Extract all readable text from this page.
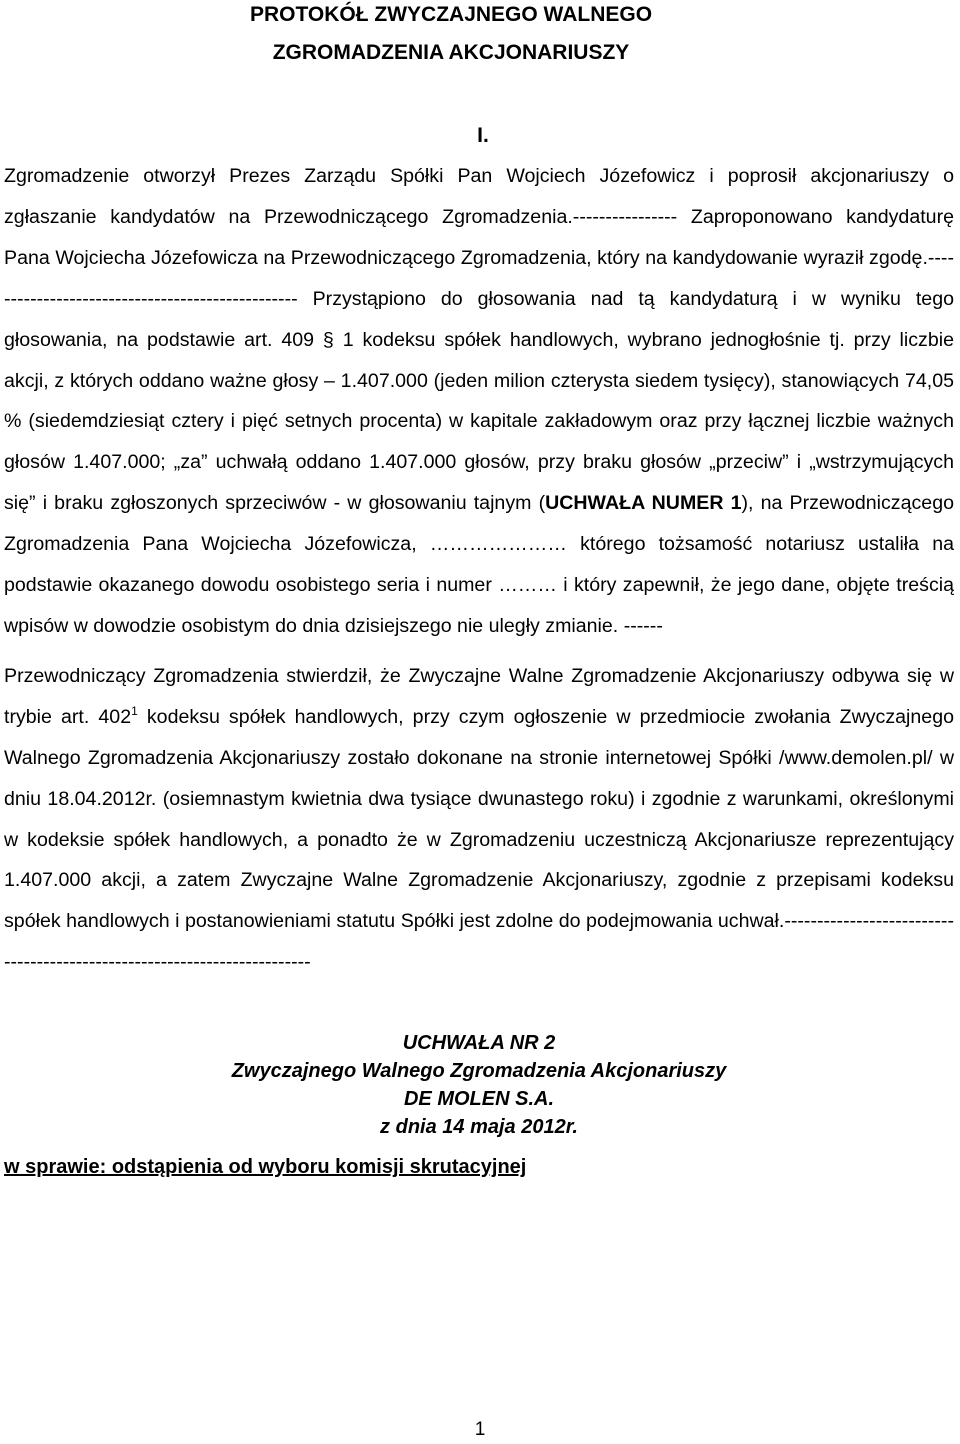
PROTOKÓŁ ZWYCZAJNEGO WALNEGO

ZGROMADZENIA AKCJONARIUSZY

I.

Zgromadzenie otworzył Prezes Zarządu Spółki Pan Wojciech Józefowicz i poprosił akcjonariuszy o zgłaszanie kandydatów na Przewodniczącego Zgromadzenia.---------------- Zaproponowano kandydaturę Pana Wojciecha Józefowicza na Przewodniczącego Zgromadzenia, który na kandydowanie wyraził zgodę.------------------------------------------------- Przystąpiono do głosowania nad tą kandydaturą i w wyniku tego głosowania, na podstawie art. 409 § 1 kodeksu spółek handlowych, wybrano jednogłośnie tj. przy liczbie akcji, z których oddano ważne głosy – 1.407.000 (jeden milion czterysta siedem tysięcy), stanowiących 74,05 % (siedemdziesiąt cztery i pięć setnych procenta) w kapitale zakładowym oraz przy łącznej liczbie ważnych głosów 1.407.000; „za” uchwałą oddano 1.407.000 głosów, przy braku głosów „przeciw” i „wstrzymujących się” i braku zgłoszonych sprzeciwów - w głosowaniu tajnym (UCHWAŁA NUMER 1), na Przewodniczącego Zgromadzenia Pana Wojciecha Józefowicza, ………………… którego tożsamość notariusz ustaliła na podstawie okazanego dowodu osobistego seria i numer ……… i który zapewnił, że jego dane, objęte treścią wpisów w dowodzie osobistym do dnia dzisiejszego nie uległy zmianie. ------

Przewodniczący Zgromadzenia stwierdził, że Zwyczajne Walne Zgromadzenie Akcjonariuszy odbywa się w trybie art. $402^1$ kodeksu spółek handlowych, przy czym ogłoszenie w przedmiocie zwołania Zwyczajnego Walnego Zgromadzenia Akcjonariuszy zostało dokonane na stronie internetowej Spółki /www.demolen.pl/ w dniu 18.04.2012r. (osiemnastym kwietnia dwa tysiące dwunastego roku) i zgodnie z warunkami, określonymi w kodeksie spółek handlowych, a ponadto że w Zgromadzeniu uczestniczą Akcjonariusze reprezentujący 1.407.000 akcji, a zatem Zwyczajne Walne Zgromadzenie Akcjonariuszy, zgodnie z przepisami kodeksu spółek handlowych i postanowieniami statutu Spółki jest zdolne do podejmowania uchwał.-------------------------------------------------------------------------

UCHWAŁA NR 2

Zwyczajnego Walnego Zgromadzenia Akcjonariuszy

DE MOLEN S.A.

z dnia 14 maja 2012r.

w sprawie: odstąpienia od wyboru komisji skrutacyjnej
1
